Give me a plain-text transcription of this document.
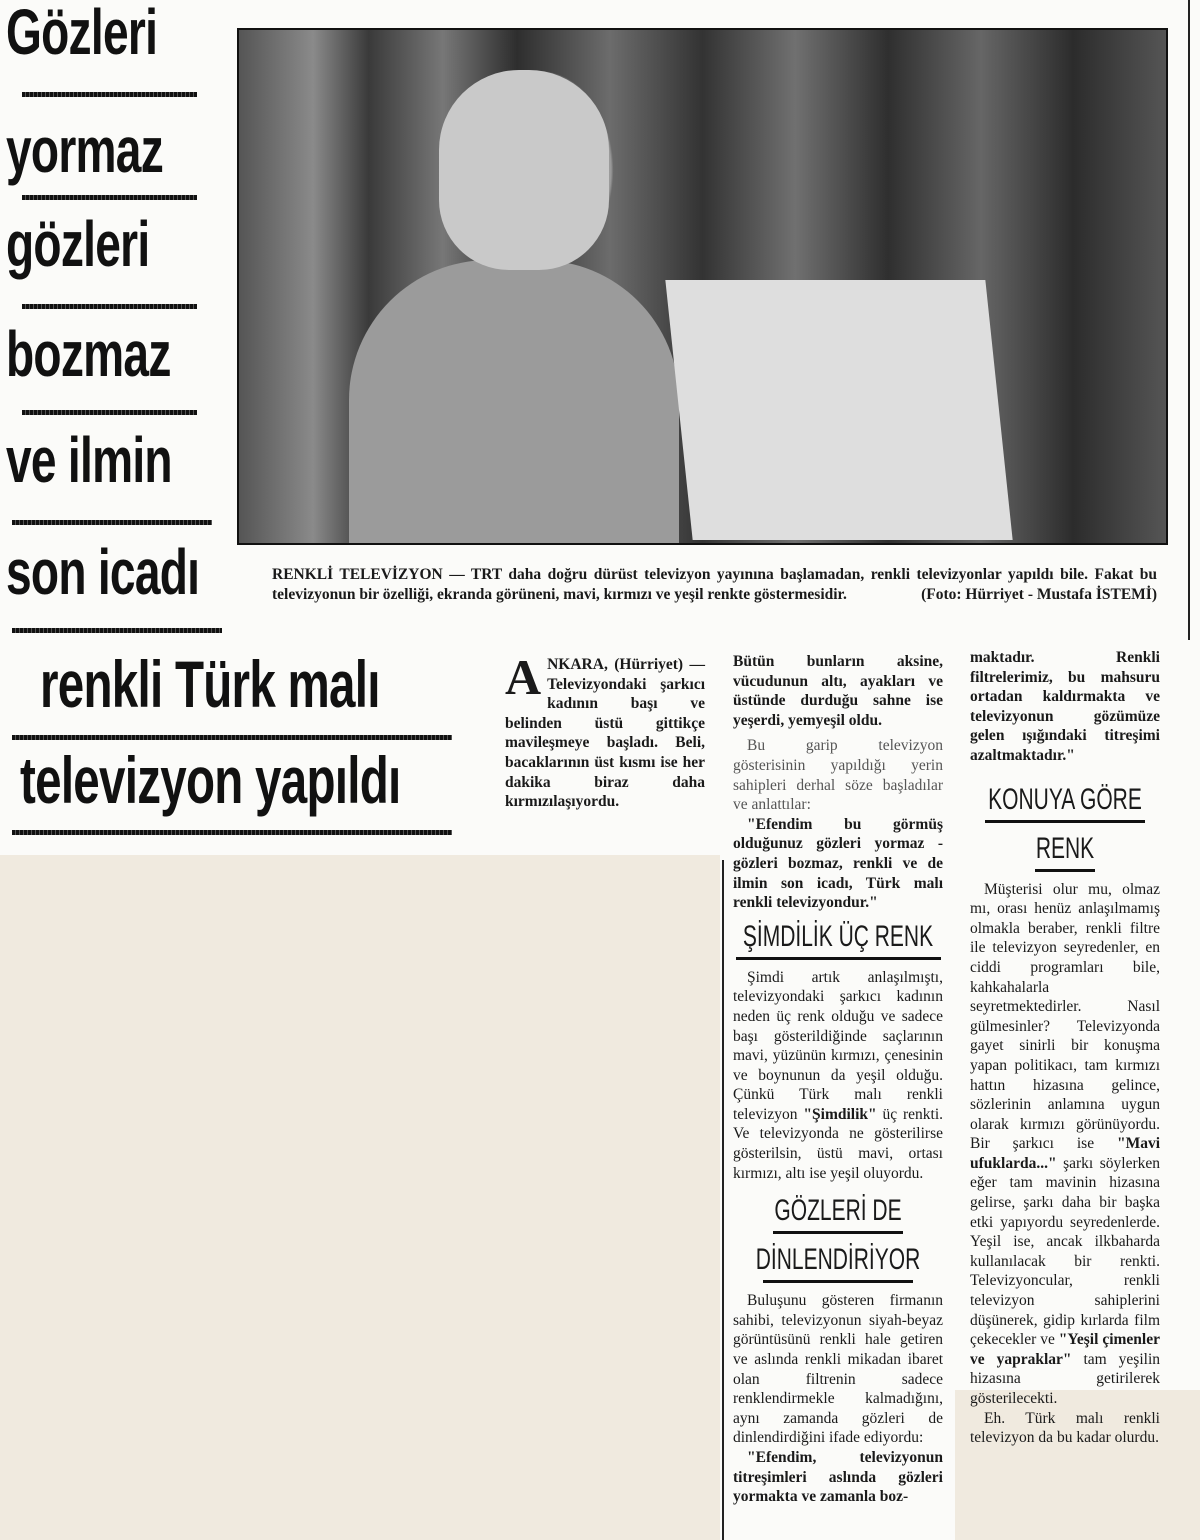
Gözleri
yormaz
gözleri
bozmaz
ve ilmin
son icadı
renkli Türk malı
televizyon yapıldı
RENKLİ TELEVİZYON — TRT daha doğru dürüst televizyon yayınına başlamadan, renkli televizyonlar yapıldı bile. Fakat bu televizyonun bir özelliği, ekranda görüneni, mavi, kırmızı ve yeşil renkte göstermesidir.	(Foto: Hürriyet - Mustafa İSTEMİ)
A NKARA, (Hürriyet) — Televizyondaki şarkıcı kadının başı ve belinden üstü gittikçe mavileşmeye başladı. Beli, bacaklarının üst kısmı ise her dakika biraz daha kırmızılaşıyordu.

Bütün bunların aksine, vücudunun altı, ayakları ve üstünde durduğu sahne ise yeşerdi, yemyeşil oldu.

Bu garip televizyon gösterisinin yapıldığı yerin sahipleri derhal söze başladılar ve anlattılar:

"Efendim bu görmüş olduğunuz gözleri yormaz - gözleri bozmaz, renkli ve de ilmin son icadı, Türk malı renkli televizyondur."

ŞİMDİLİK ÜÇ RENK

Şimdi artık anlaşılmıştı, televizyondaki şarkıcı kadının neden üç renk olduğu ve sadece başı gösterildiğinde saçlarının mavi, yüzünün kırmızı, çenesinin ve boynunun da yeşil olduğu. Çünkü Türk malı renkli televizyon "Şimdilik" üç renkti. Ve televizyonda ne gösterilirse gösterilsin, üstü mavi, ortası kırmızı, altı ise yeşil oluyordu.

GÖZLERİ DE
DİNLENDİRİYOR

Buluşunu gösteren firmanın sahibi, televizyonun siyah-beyaz görüntüsünü renkli hale getiren ve aslında renkli mikadan ibaret olan filtrenin sadece renklendirmekle kalmadığını, aynı zamanda gözleri de dinlendirdiğini ifade ediyordu:

"Efendim, televizyonun titreşimleri aslında gözleri yormakta ve zamanla boz-

maktadır. Renkli filtrelerimiz, bu mahsuru ortadan kaldırmakta ve televizyonun gözümüze gelen ışığındaki titreşimi azaltmaktadır."

KONUYA GÖRE
RENK

Müşterisi olur mu, olmaz mı, orası henüz anlaşılmamış olmakla beraber, renkli filtre ile televizyon seyredenler, en ciddi programları bile, kahkahalarla seyretmektedirler. Nasıl gülmesinler? Televizyonda gayet sinirli bir konuşma yapan politikacı, tam kırmızı hattın hizasına gelince, sözlerinin anlamına uygun olarak kırmızı görünüyordu. Bir şarkıcı ise "Mavi ufuklarda..." şarkı söylerken eğer tam mavinin hizasına gelirse, şarkı daha bir başka etki yapıyordu seyredenlerde. Yeşil ise, ancak ilkbaharda kullanılacak bir renkti. Televizyoncular, renkli televizyon sahiplerini düşünerek, gidip kırlarda film çekecekler ve "Yeşil çimenler ve yapraklar" tam yeşilin hizasına getirilerek gösterilecekti.

Eh. Türk malı renkli televizyon da bu kadar olurdu.
